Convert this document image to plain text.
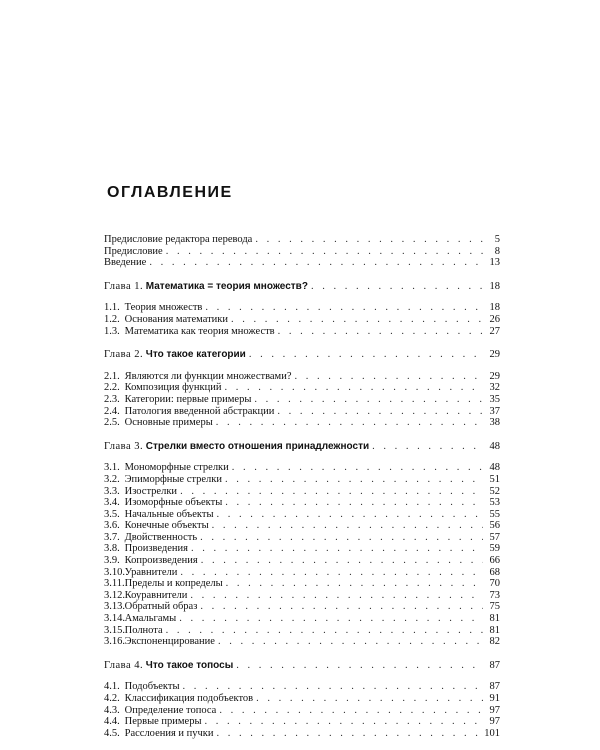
ОГЛАВЛЕНИЕ
Предисловие редактора перевода . . .	5
Предисловие . . .	8
Введение . . .	13
Глава 1. Математика = теория множеств? . . .	18
1.1. Теория множеств . . .	18
1.2. Основания математики . . .	26
1.3. Математика как теория множеств . . .	27
Глава 2. Что такое категории . . .	29
2.1. Являются ли функции множествами? . . .	29
2.2. Композиция функций . . .	32
2.3. Категории: первые примеры . . .	35
2.4. Патология введенной абстракции . . .	37
2.5. Основные примеры . . .	38
Глава 3. Стрелки вместо отношения принадлежности . . .	48
3.1. Мономорфные стрелки . . .	48
3.2. Эпиморфные стрелки . . .	51
3.3. Изострелки . . .	52
3.4. Изоморфные объекты . . .	53
3.5. Начальные объекты . . .	55
3.6. Конечные объекты . . .	56
3.7. Двойственность . . .	57
3.8. Произведения . . .	59
3.9. Копроизведения . . .	66
3.10. Уравнители . . .	68
3.11. Пределы и копределы . . .	70
3.12. Коуравнители . . .	73
3.13. Обратный образ . . .	75
3.14. Амальгамы . . .	81
3.15. Полнота . . .	81
3.16. Экспоненцирование . . .	82
Глава 4. Что такое топосы . . .	87
4.1. Подобъекты . . .	87
4.2. Классификация подобъектов . . .	91
4.3. Определение топоса . . .	97
4.4. Первые примеры . . .	97
4.5. Расслоения и пучки . . .	101
